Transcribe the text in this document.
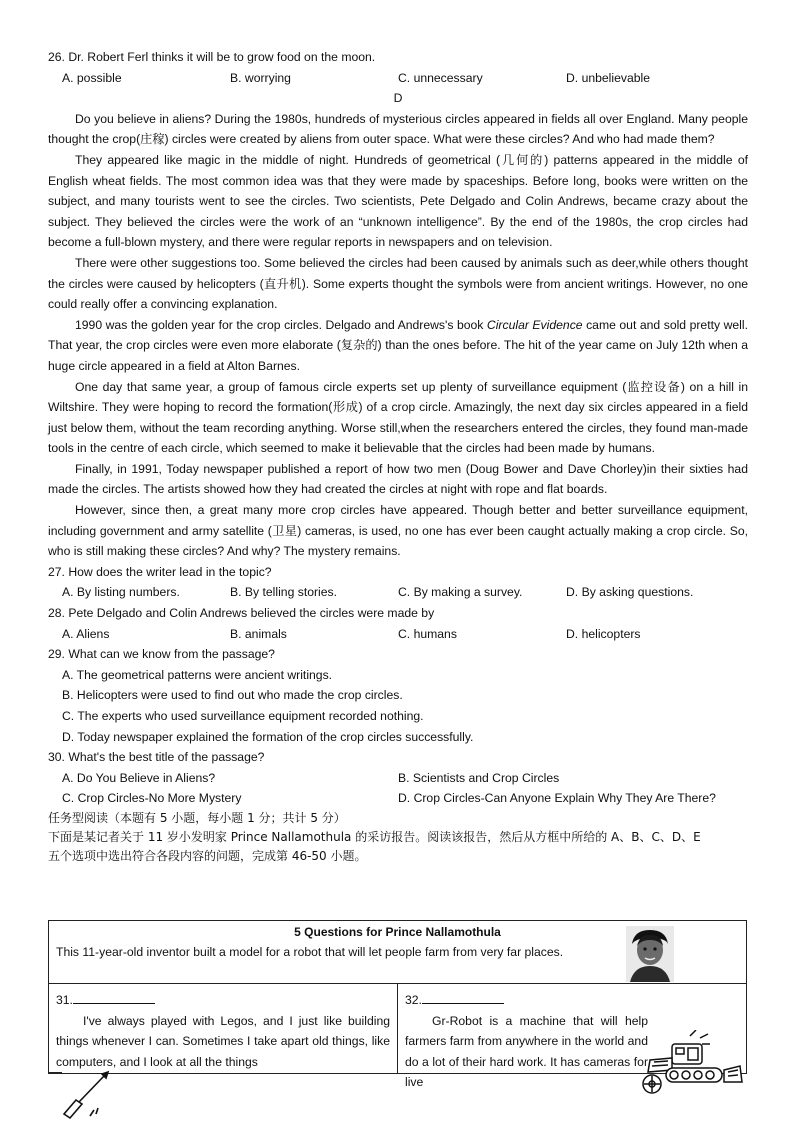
26. Dr. Robert Ferl thinks it will be to grow food on the moon.
A. possible	B. worrying	C. unnecessary	D. unbelievable
D

Do you believe in aliens? During the 1980s, hundreds of mysterious circles appeared in fields all over England. Many people thought the crop(庄稼) circles were created by aliens from outer space. What were these circles? And who had made them?

They appeared like magic in the middle of night. Hundreds of geometrical (几何的) patterns appeared in the middle of English wheat fields. The most common idea was that they were made by spaceships. Before long, books were written on the subject, and many tourists went to see the circles. Two scientists, Pete Delgado and Colin Andrews, became crazy about the subject. They believed the circles were the work of an “unknown intelligence”. By the end of the 1980s, the crop circles had become a full-blown mystery, and there were regular reports in newspapers and on television.

There were other suggestions too. Some believed the circles had been caused by animals such as deer,while others thought the circles were caused by helicopters (直升机). Some experts thought the symbols were from ancient writings. However, no one could really offer a convincing explanation.

1990 was the golden year for the crop circles. Delgado and Andrews's book Circular Evidence came out and sold pretty well. That year, the crop circles were even more elaborate (复杂的) than the ones before. The hit of the year came on July 12th when a huge circle appeared in a field at Alton Barnes.

One day that same year, a group of famous circle experts set up plenty of surveillance equipment (监控设备) on a hill in Wiltshire. They were hoping to record the formation(形成) of a crop circle. Amazingly, the next day six circles appeared in a field just below them, without the team recording anything. Worse still,when the researchers entered the circles, they found man-made tools in the centre of each circle, which seemed to make it believable that the circles had been made by humans.

Finally, in 1991, Today newspaper published a report of how two men (Doug Bower and Dave Chorley)in their sixties had made the circles. The artists showed how they had created the circles at night with rope and flat boards.

However, since then, a great many more crop circles have appeared. Though better and better surveillance equipment, including government and army satellite (卫星) cameras, is used, no one has ever been caught actually making a crop circle. So, who is still making these circles? And why? The mystery remains.

27. How does the writer lead in the topic?
A. By listing numbers.	B. By telling stories.	C. By making a survey.	D. By asking questions.
28. Pete Delgado and Colin Andrews believed the circles were made by
A. Aliens	B. animals	C. humans	D. helicopters
29. What can we know from the passage?
A. The geometrical patterns were ancient writings.
B. Helicopters were used to find out who made the crop circles.
C. The experts who used surveillance equipment recorded nothing.
D. Today newspaper explained the formation of the crop circles successfully.
30. What's the best title of the passage?
A. Do You Believe in Aliens?	B. Scientists and Crop Circles
C. Crop Circles-No More Mystery	D. Crop Circles-Can Anyone Explain Why They Are There?
任务型阅读（本题有 5 小题，每小题 1 分；共计 5 分）
下面是某记者关于 11 岁小发明家 Prince Nallamothula 的采访报告。阅读该报告，然后从方框中所给的 A、B、C、D、E
五个选项中选出符合各段内容的问题，完成第 46-50 小题。
5 Questions for Prince Nallamothula
This 11-year-old inventor built a model for a robot that will let people farm from very far places.
31.

I've always played with Legos, and I just like building things whenever I can. Sometimes I take apart old things, like computers, and I look at all the things

32.

Gr-Robot is a machine that will help farmers farm from anywhere in the world and do a lot of their hard work. It has cameras for live
